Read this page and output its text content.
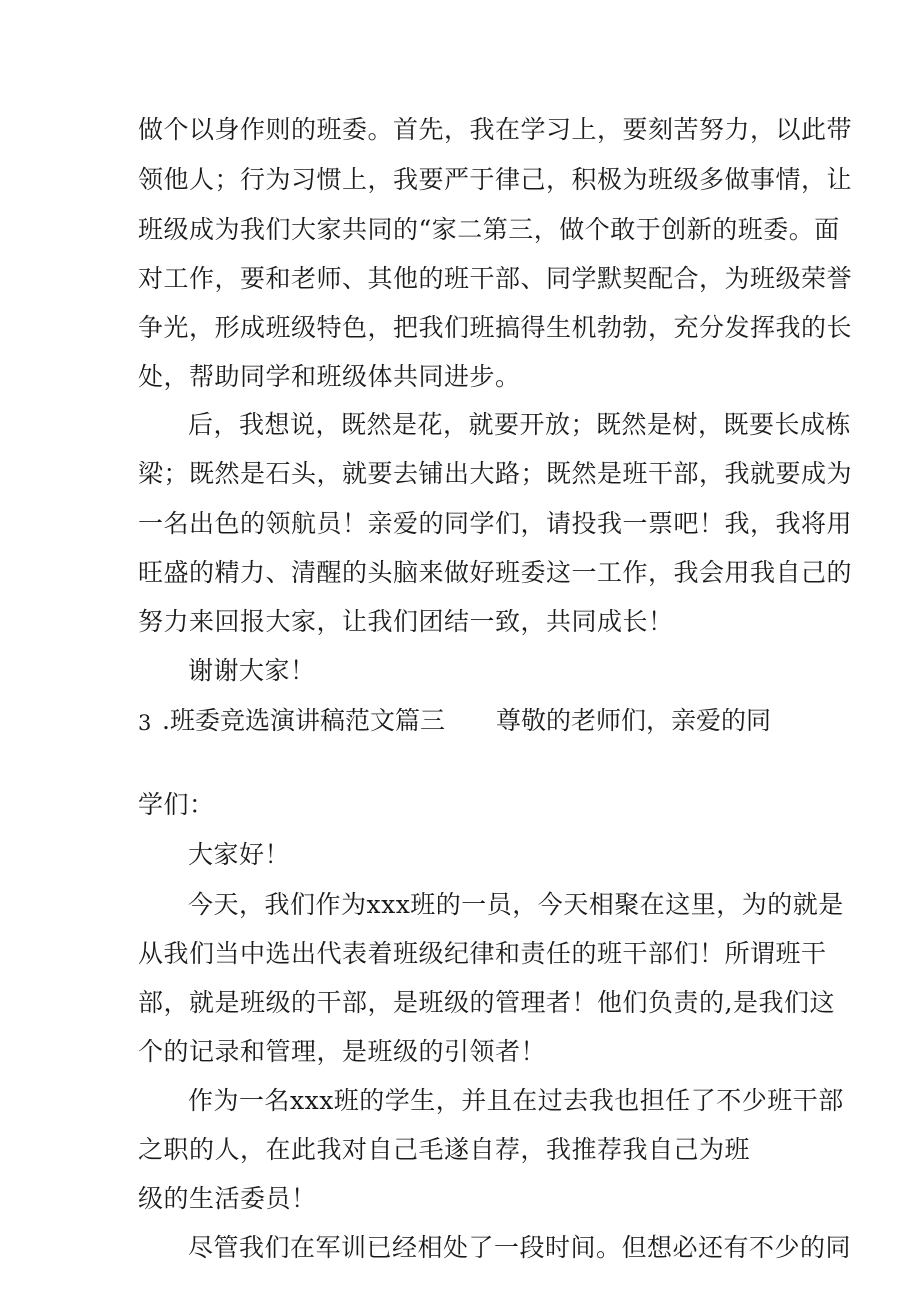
做个以身作则的班委。首先，我在学习上，要刻苦努力，以此带
领他人；行为习惯上，我要严于律己，积极为班级多做事情，让
班级成为我们大家共同的“家二第三，做个敢于创新的班委。面
对工作，要和老师、其他的班干部、同学默契配合，为班级荣誉
争光，形成班级特色，把我们班搞得生机勃勃，充分发挥我的长
处，帮助同学和班级体共同进步。
后，我想说，既然是花，就要开放；既然是树，既要长成栋
梁；既然是石头，就要去铺出大路；既然是班干部，我就要成为
一名出色的领航员！亲爱的同学们，请投我一票吧！我，我将用
旺盛的精力、清醒的头脑来做好班委这一工作，我会用我自己的
努力来回报大家，让我们团结一致，共同成长！
谢谢大家！
3 .班委竞选演讲稿范文篇三 尊敬的老师们，亲爱的同
学们：
大家好！
今天，我们作为xxx班的一员，今天相聚在这里，为的就是
从我们当中选出代表着班级纪律和责任的班干部们！所谓班干
部，就是班级的干部，是班级的管理者！他们负责的,是我们这
个的记录和管理，是班级的引领者！
作为一名xxx班的学生，并且在过去我也担任了不少班干部
之职的人，在此我对自己毛遂自荐，我推荐我自己为班
级的生活委员！
尽管我们在军训已经相处了一段时间。但想必还有不少的同
